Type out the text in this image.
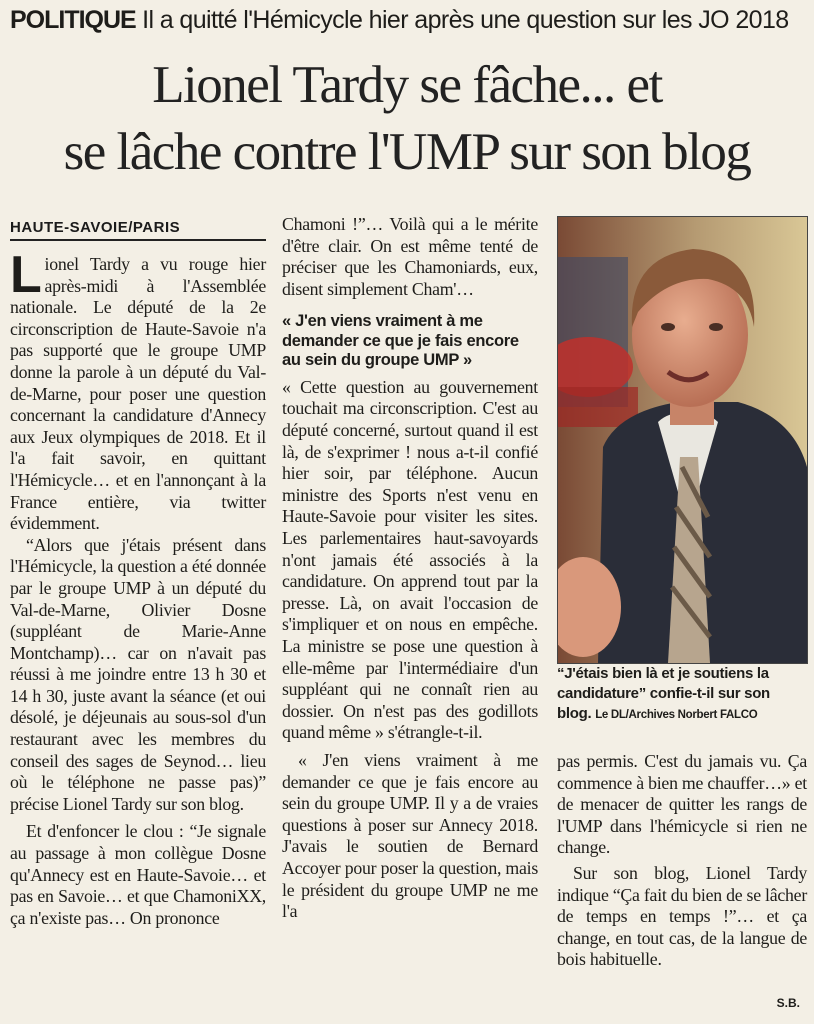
POLITIQUE Il a quitté l'Hémicycle hier après une question sur les JO 2018
Lionel Tardy se fâche... et
se lâche contre l'UMP sur son blog
HAUTE-SAVOIE/PARIS

Lionel Tardy a vu rouge hier après-midi à l'Assemblée nationale. Le député de la 2e circonscription de Haute-Savoie n'a pas supporté que le groupe UMP donne la parole à un député du Val-de-Marne, pour poser une question concernant la candidature d'Annecy aux Jeux olympiques de 2018. Et il l'a fait savoir, en quittant l'Hémicycle… et en l'annonçant à la France entière, via twitter évidemment.

“Alors que j'étais présent dans l'Hémicycle, la question a été donnée par le groupe UMP à un député du Val-de-Marne, Olivier Dosne (suppléant de Marie-Anne Montchamp)… car on n'avait pas réussi à me joindre entre 13 h 30 et 14 h 30, juste avant la séance (et oui désolé, je déjeunais au sous-sol d'un restaurant avec les membres du conseil des sages de Seynod… lieu où le téléphone ne passe pas)” précise Lionel Tardy sur son blog.

Et d'enfoncer le clou : “Je signale au passage à mon collègue Dosne qu'Annecy est en Haute-Savoie… et pas en Savoie… et que ChamoniXX, ça n'existe pas… On prononce

Chamoni !”… Voilà qui a le mérite d'être clair. On est même tenté de préciser que les Chamoniards, eux, disent simplement Cham'…

« J'en viens vraiment à me demander ce que je fais encore au sein du groupe UMP »

« Cette question au gouvernement touchait ma circonscription. C'est au député concerné, surtout quand il est là, de s'exprimer ! nous a-t-il confié hier soir, par téléphone. Aucun ministre des Sports n'est venu en Haute-Savoie pour visiter les sites. Les parlementaires haut-savoyards n'ont jamais été associés à la candidature. On apprend tout par la presse. Là, on avait l'occasion de s'impliquer et on nous en empêche. La ministre se pose une question à elle-même par l'intermédiaire d'un suppléant qui ne connaît rien au dossier. On n'est pas des godillots quand même » s'étrangle-t-il.

« J'en viens vraiment à me demander ce que je fais encore au sein du groupe UMP. Il y a de vraies questions à poser sur Annecy 2018. J'avais le soutien de Bernard Accoyer pour poser la question, mais le président du groupe UMP ne me l'a

“J'étais bien là et je soutiens la candidature” confie-t-il sur son blog. Le DL/Archives Norbert FALCO

pas permis. C'est du jamais vu. Ça commence à bien me chauffer…» et de menacer de quitter les rangs de l'UMP dans l'hémicycle si rien ne change.

Sur son blog, Lionel Tardy indique “Ça fait du bien de se lâcher de temps en temps !”… et ça change, en tout cas, de la langue de bois habituelle.

S.B.
